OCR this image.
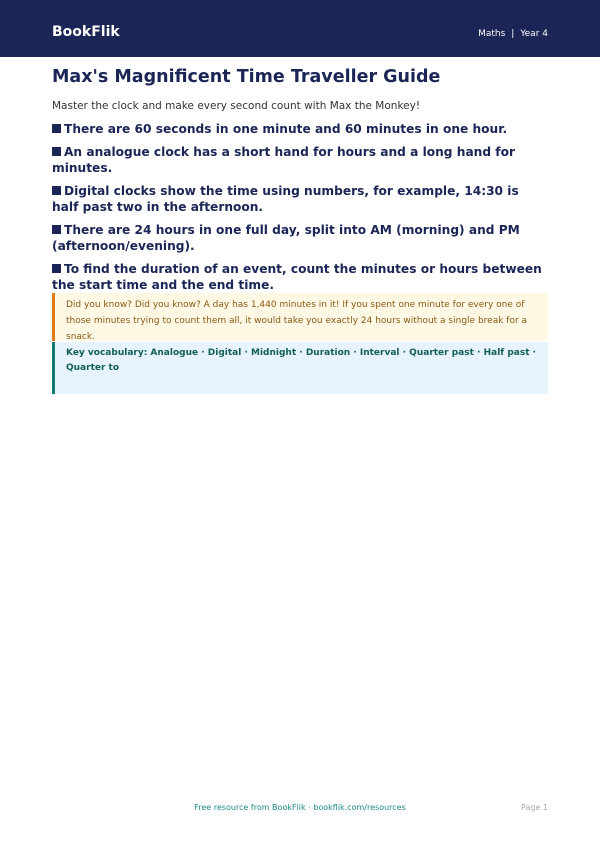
BookFlik	Maths | Year 4
Max's Magnificent Time Traveller Guide

Master the clock and make every second count with Max the Monkey!

There are 60 seconds in one minute and 60 minutes in one hour.
An analogue clock has a short hand for hours and a long hand for minutes.
Digital clocks show the time using numbers, for example, 14:30 is half past two in the afternoon.
There are 24 hours in one full day, split into AM (morning) and PM (afternoon/evening).
To find the duration of an event, count the minutes or hours between the start time and the end time.
Did you know? Did you know? A day has 1,440 minutes in it! If you spent one minute for every one of those minutes trying to count them all, it would take you exactly 24 hours without a single break for a snack.
Key vocabulary: Analogue · Digital · Midnight · Duration · Interval · Quarter past · Half past · Quarter to
Free resource from BookFlik · bookflik.com/resources	Page 1
